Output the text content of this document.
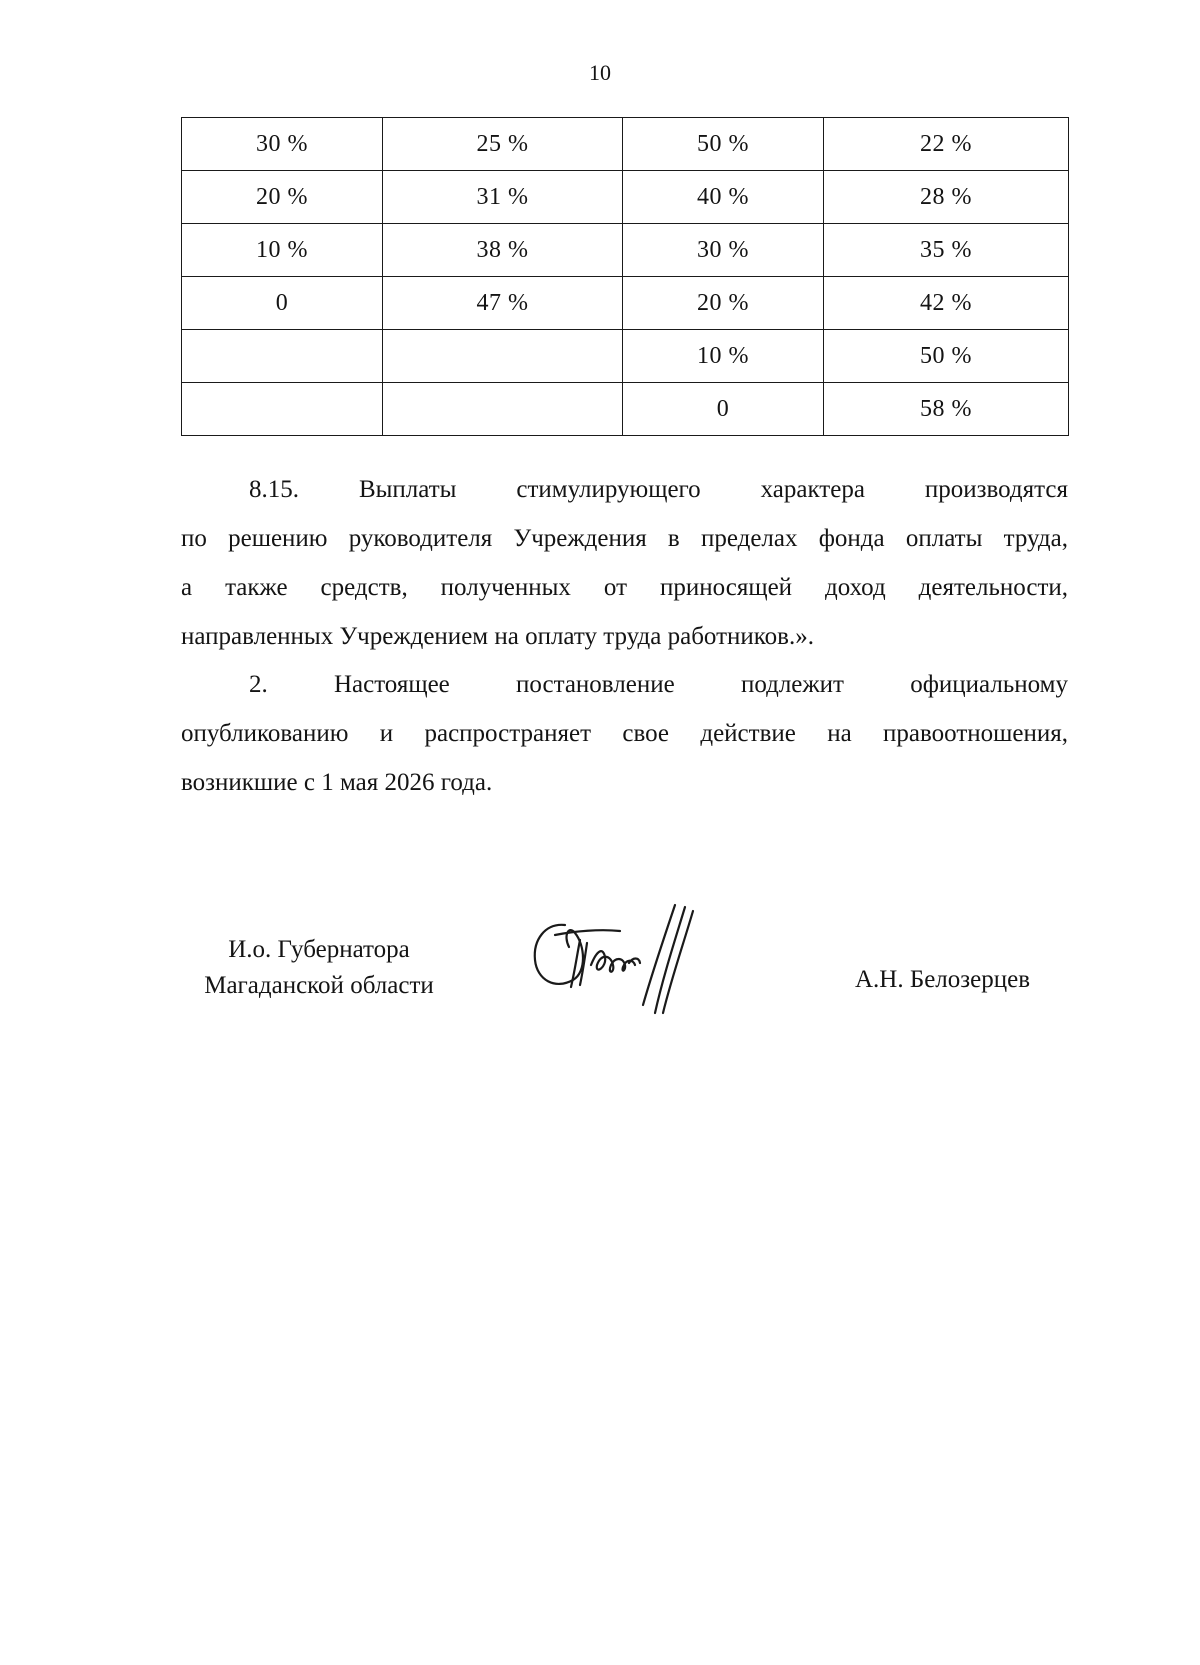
10
30 %	25 %	50 %	22 %
20 %	31 %	40 %	28 %
10 %	38 %	30 %	35 %
0	47 %	20 %	42 %
		10 %	50 %
		0	58 %
8.15. Выплаты стимулирующего характера производятся
по решению руководителя Учреждения в пределах фонда оплаты труда,
а также средств, полученных от приносящей доход деятельности,
направленных Учреждением на оплату труда работников.».
2.	Настоящее	постановление	подлежит	официальному
опубликованию и распространяет свое действие на правоотношения,
возникшие с 1 мая 2026 года.
И.о. Губернатора
Магаданской области	А.Н. Белозерцев
